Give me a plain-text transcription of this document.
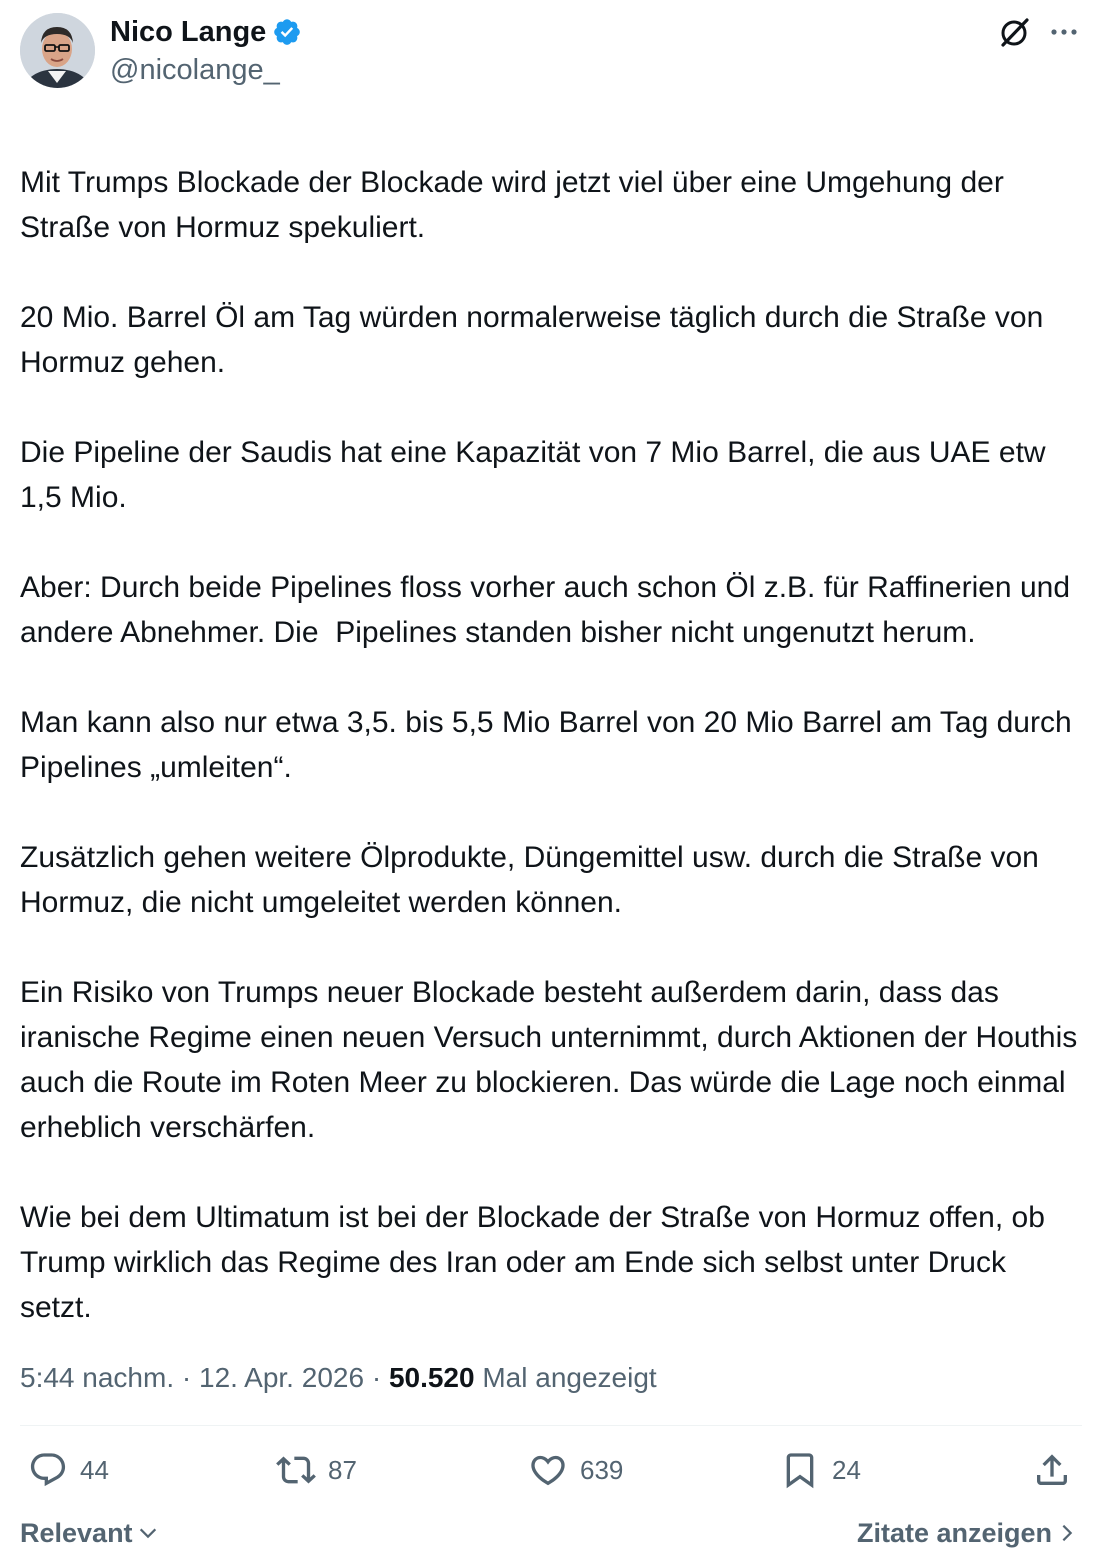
Nico Lange
@nicolange_

Mit Trumps Blockade der Blockade wird jetzt viel über eine Umgehung der Straße von Hormuz spekuliert.
20 Mio. Barrel Öl am Tag würden normalerweise täglich durch die Straße von Hormuz gehen.
Die Pipeline der Saudis hat eine Kapazität von 7 Mio Barrel, die aus UAE etw 1,5 Mio.
Aber: Durch beide Pipelines floss vorher auch schon Öl z.B. für Raffinerien und andere Abnehmer. Die  Pipelines standen bisher nicht ungenutzt herum.
Man kann also nur etwa 3,5. bis 5,5 Mio Barrel von 20 Mio Barrel am Tag durch Pipelines „umleiten“.
Zusätzlich gehen weitere Ölprodukte, Düngemittel usw. durch die Straße von Hormuz, die nicht umgeleitet werden können.
Ein Risiko von Trumps neuer Blockade besteht außerdem darin, dass das iranische Regime einen neuen Versuch unternimmt, durch Aktionen der Houthis auch die Route im Roten Meer zu blockieren. Das würde die Lage noch einmal erheblich verschärfen.
Wie bei dem Ultimatum ist bei der Blockade der Straße von Hormuz offen, ob Trump wirklich das Regime des Iran oder am Ende sich selbst unter Druck setzt.

5:44 nachm. · 12. Apr. 2026 · 50.520 Mal angezeigt
44	87	639	24
Relevant	Zitate anzeigen
